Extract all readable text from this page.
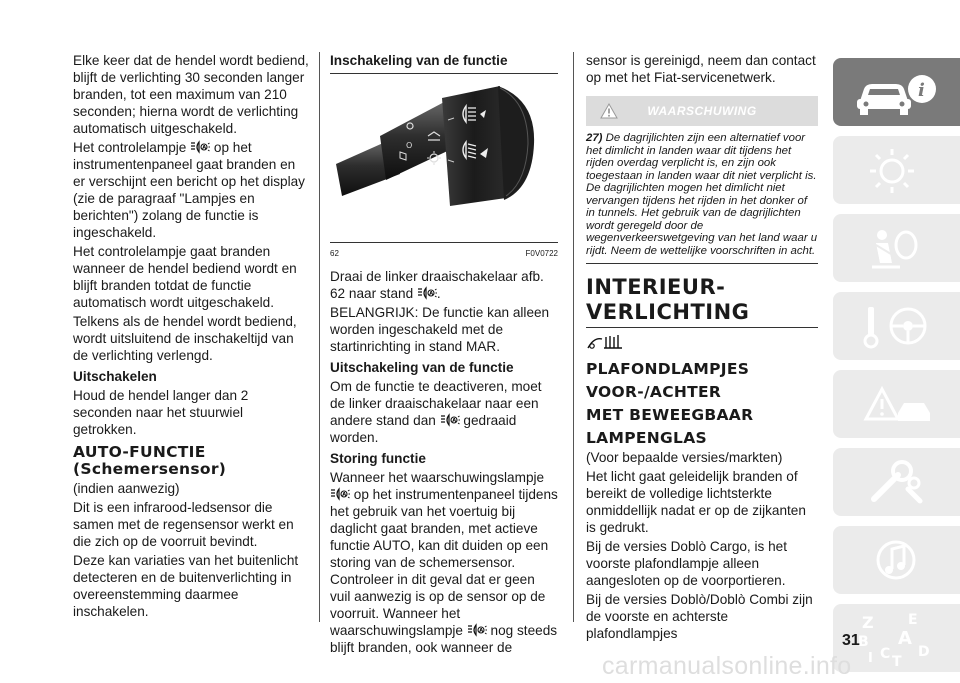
Elke keer dat de hendel wordt bediend, blijft de verlichting 30 seconden langer branden, tot een maximum van 210 seconden; hierna wordt de verlichting automatisch uitgeschakeld.

Het controlelampje op het instrumentenpaneel gaat branden en er verschijnt een bericht op het display (zie de paragraaf "Lampjes en berichten") zolang de functie is ingeschakeld.

Het controlelampje gaat branden wanneer de hendel bediend wordt en blijft branden totdat de functie automatisch wordt uitgeschakeld.

Telkens als de hendel wordt bediend, wordt uitsluitend de inschakeltijd van de verlichting verlengd.

Uitschakelen

Houd de hendel langer dan 2 seconden naar het stuurwiel getrokken.

AUTO-FUNCTIE

(Schemersensor)

(indien aanwezig)

Dit is een infrarood-ledsensor die samen met de regensensor werkt en die zich op de voorruit bevindt.

Deze kan variaties van het buitenlicht detecteren en de buitenverlichting in overeenstemming daarmee inschakelen.

Inschakeling van de functie
O
62	F0V0722

Draai de linker draaischakelaar afb. 62 naar stand .

BELANGRIJK: De functie kan alleen worden ingeschakeld met de startinrichting in stand MAR.

Uitschakeling van de functie

Om de functie te deactiveren, moet de linker draaischakelaar naar een andere stand dan gedraaid worden.

Storing functie

Wanneer het waarschuwingslampje  op het instrumentenpaneel tijdens het gebruik van het voertuig bij daglicht gaat branden, met actieve functie AUTO, kan dit duiden op een storing van de schemersensor. Controleer in dit geval dat er geen vuil aanwezig is op de sensor op de voorruit. Wanneer het waarschuwingslampje nog steeds blijft branden, ook wanneer de

sensor is gereinigd, neem dan contact op met het Fiat-servicenetwerk.

WAARSCHUWING
27) De dagrijlichten zijn een alternatief voor het dimlicht in landen waar dit tijdens het rijden overdag verplicht is, en zijn ook toegestaan in landen waar dit niet verplicht is. De dagrijlichten mogen het dimlicht niet vervangen tijdens het rijden in het donker of in tunnels. Het gebruik van de dagrijlichten wordt geregeld door de wegenverkeerswetgeving van het land waar u rijdt. Neem de wettelijke voorschriften in acht.

INTERIEUR-

VERLICHTING

PLAFONDLAMPJES

VOOR-/ACHTER

MET BEWEEGBAAR

LAMPENGLAS

(Voor bepaalde versies/markten)

Het licht gaat geleidelijk branden of bereikt de volledige lichtsterkte onmiddellijk nadat er op de zijkanten is gedrukt.

Bij de versies Doblò Cargo, is het voorste plafondlampje alleen aangesloten op de voorportieren.

Bij de versies Doblò/Doblò Combi zijn de voorste en achterste plafondlampjes

i
Z E
B A
I C T
D
31
carmanualsonline.info
